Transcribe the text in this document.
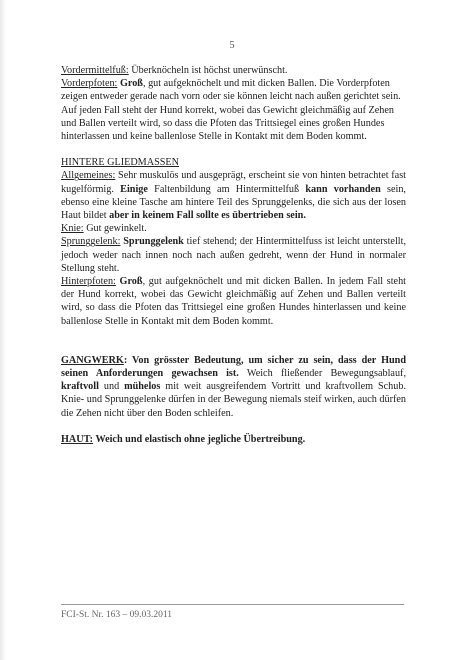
5

Vordermittelfuß: Überknöcheln ist höchst unerwünscht.

Vorderpfoten: Groß, gut aufgeknöchelt und mit dicken Ballen. Die Vorderpfoten zeigen entweder gerade nach vorn oder sie können leicht nach außen gerichtet sein. Auf jeden Fall steht der Hund korrekt, wobei das Gewicht gleichmäßig auf Zehen und Ballen verteilt wird, so dass die Pfoten das Trittsiegel eines großen Hundes hinterlassen und keine ballenlose Stelle in Kontakt mit dem Boden kommt.

HINTERE GLIEDMASSEN

Allgemeines: Sehr muskulös und ausgeprägt, erscheint sie von hinten betrachtet fast kugelförmig. Einige Faltenbildung am Hintermittelfuß kann vorhanden sein, ebenso eine kleine Tasche am hintere Teil des Sprunggelenks, die sich aus der losen Haut bildet aber in keinem Fall sollte es übertrieben sein.

Knie: Gut gewinkelt.

Sprunggelenk: Sprunggelenk tief stehend; der Hintermittelfuss ist leicht unterstellt, jedoch weder nach innen noch nach außen gedreht, wenn der Hund in normaler Stellung steht.

Hinterpfoten: Groß, gut aufgeknöchelt und mit dicken Ballen. In jedem Fall steht der Hund korrekt, wobei das Gewicht gleichmäßig auf Zehen und Ballen verteilt wird, so dass die Pfoten das Trittsiegel eine großen Hundes hinterlassen und keine ballenlose Stelle in Kontakt mit dem Boden kommt.

GANGWERK: Von grösster Bedeutung, um sicher zu sein, dass der Hund seinen Anforderungen gewachsen ist. Weich fließender Bewegungsablauf, kraftvoll und mühelos mit weit ausgreifendem Vortritt und kraftvollem Schub. Knie- und Sprunggelenke dürfen in der Bewegung niemals steif wirken, auch dürfen die Zehen nicht über den Boden schleifen.

HAUT: Weich und elastisch ohne jegliche Übertreibung.

FCI-St. Nr. 163 – 09.03.2011
